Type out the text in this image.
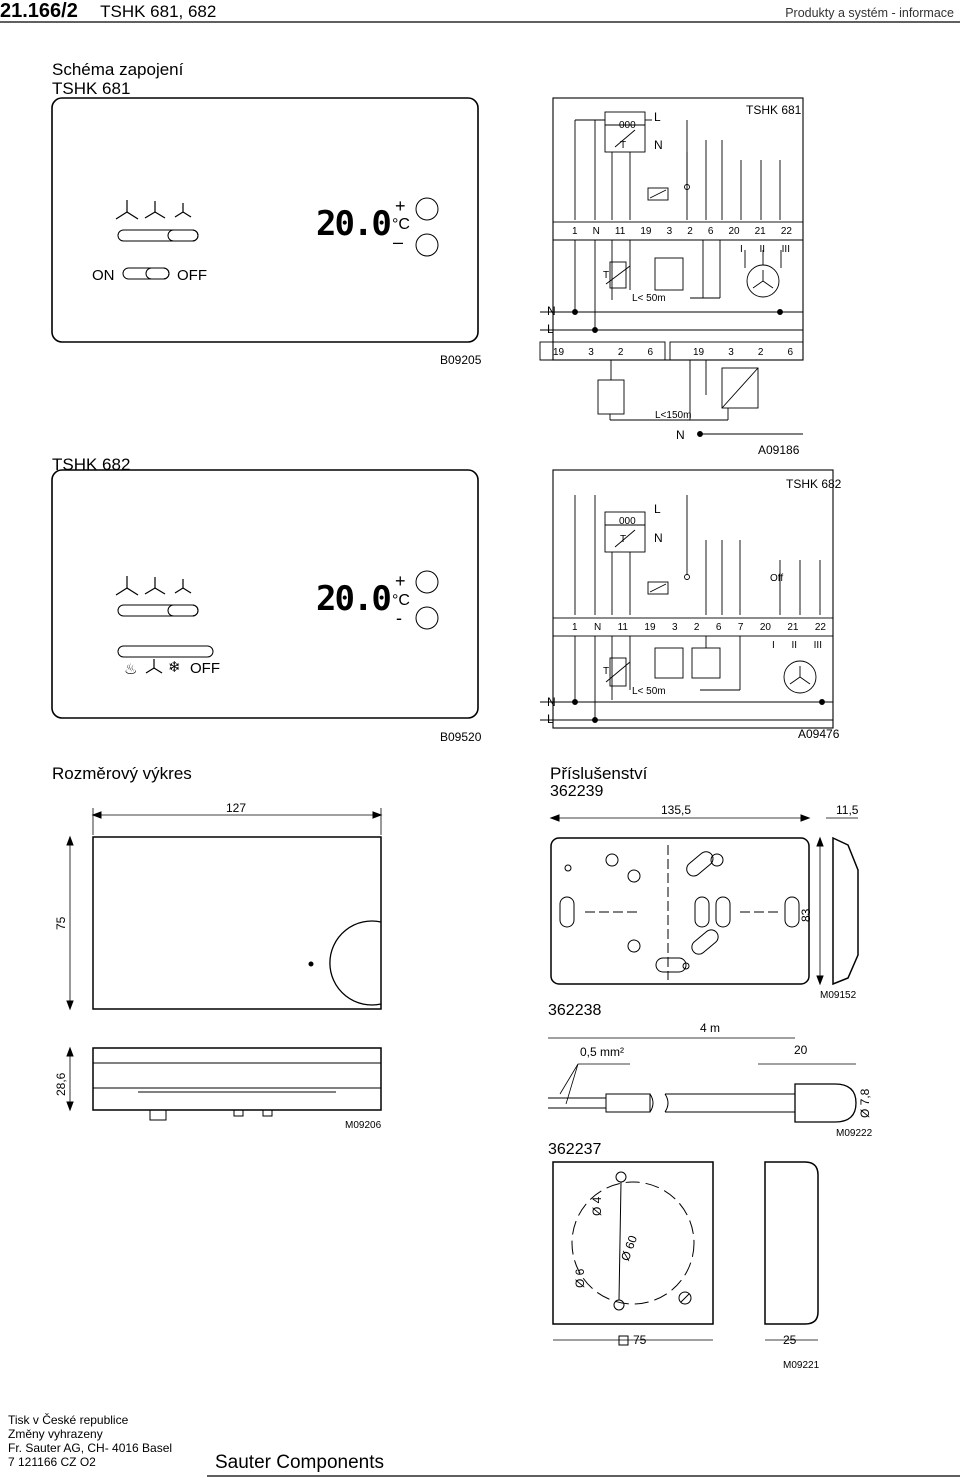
21.166/2 TSHK 681, 682	Produkty a systém - informace
Schéma zapojení
TSHK 681
20.0 +
°C
–
ON	OFF
B09205
TSHK 681
000
T
L
N
1 N 11 19 3 2 6 20 21 22
I II III
T
L< 50m
N
L
19 3 2 6	19 3 2 6
L<150m
N
A09186
TSHK 682
20.0 +
°C
-
OFF
♨ ❄
B09520
TSHK 682
000
T
L
N
Off
1 N 11 19 3 2 6 7 20 21 22
I II III
T
L< 50m
N
L
A09476
Rozměrový výkres
127
75
28,6
M09206
Příslušenství
362239
135,5	11,5
83
M09152
362238
4 m
0,5 mm²	20
Ø 7,8
M09222
362237
Ø 4
Ø 60
Ø 6
75	25
M09221
Tisk v České republice
Změny vyhrazeny
Fr. Sauter AG, CH- 4016 Basel
7 121166 CZ O2	Sauter Components
